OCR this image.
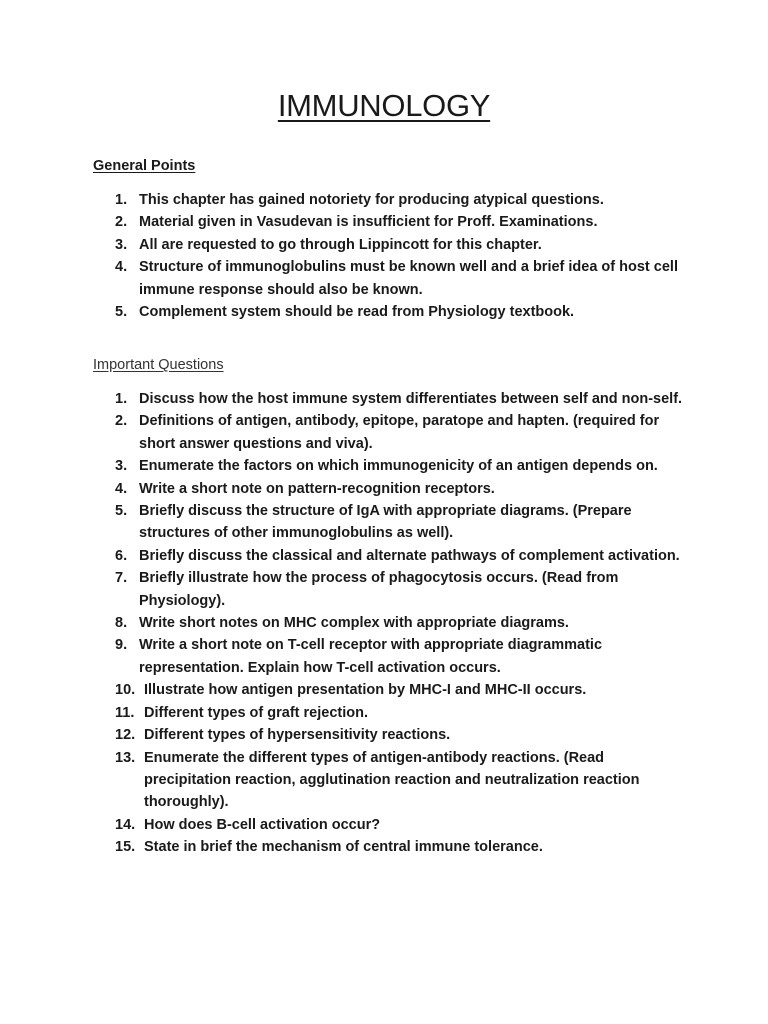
IMMUNOLOGY
General Points
1. This chapter has gained notoriety for producing atypical questions.
2. Material given in Vasudevan is insufficient for Proff. Examinations.
3. All are requested to go through Lippincott for this chapter.
4. Structure of immunoglobulins must be known well and a brief idea of host cell immune response should also be known.
5. Complement system should be read from Physiology textbook.
Important Questions
1. Discuss how the host immune system differentiates between self and non-self.
2. Definitions of antigen, antibody, epitope, paratope and hapten. (required for short answer questions and viva).
3. Enumerate the factors on which immunogenicity of an antigen depends on.
4. Write a short note on pattern-recognition receptors.
5. Briefly discuss the structure of IgA with appropriate diagrams. (Prepare structures of other immunoglobulins as well).
6. Briefly discuss the classical and alternate pathways of complement activation.
7. Briefly illustrate how the process of phagocytosis occurs. (Read from Physiology).
8. Write short notes on MHC complex with appropriate diagrams.
9. Write a short note on T-cell receptor with appropriate diagrammatic representation. Explain how T-cell activation occurs.
10. Illustrate how antigen presentation by MHC-I and MHC-II occurs.
11. Different types of graft rejection.
12. Different types of hypersensitivity reactions.
13. Enumerate the different types of antigen-antibody reactions. (Read precipitation reaction, agglutination reaction and neutralization reaction thoroughly).
14. How does B-cell activation occur?
15. State in brief the mechanism of central immune tolerance.
